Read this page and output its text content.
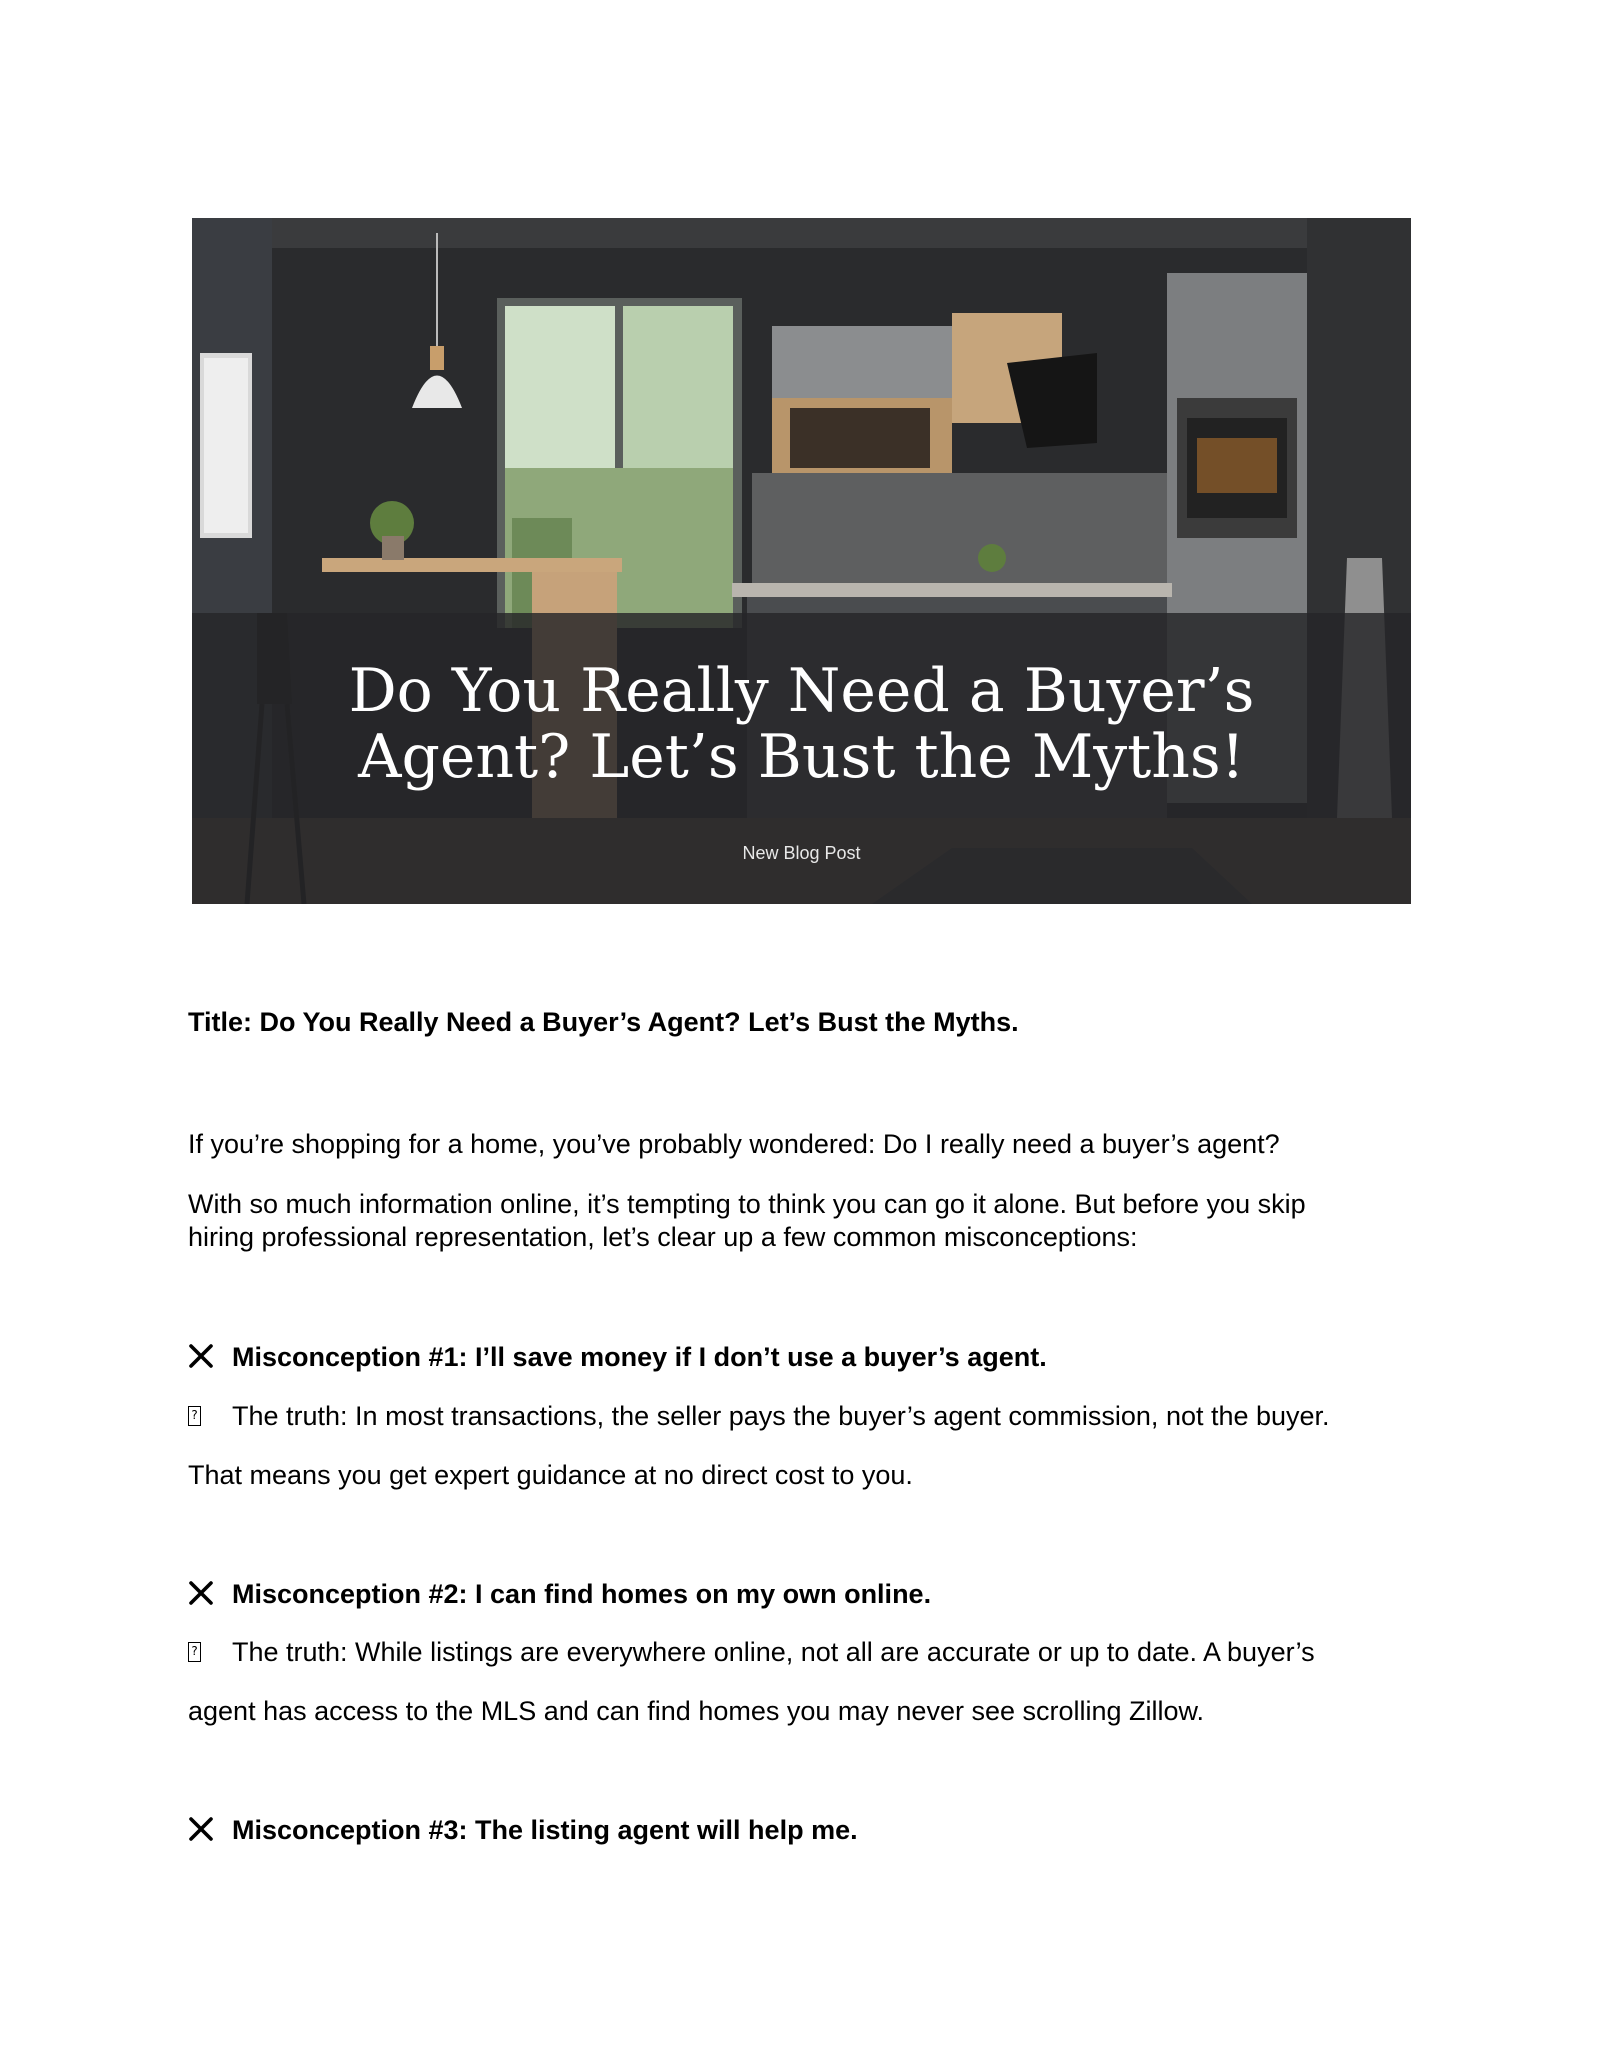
Do You Really Need a Buyer’s
Agent? Let’s Bust the Myths!
New Blog Post
Title: Do You Really Need a Buyer’s Agent? Let’s Bust the Myths.
If you’re shopping for a home, you’ve probably wondered: Do I really need a buyer’s agent?
With so much information online, it’s tempting to think you can go it alone. But before you skip
hiring professional representation, let’s clear up a few common misconceptions:
Misconception #1: I’ll save money if I don’t use a buyer’s agent.
? The truth: In most transactions, the seller pays the buyer’s agent commission, not the buyer.
That means you get expert guidance at no direct cost to you.
Misconception #2: I can find homes on my own online.
? The truth: While listings are everywhere online, not all are accurate or up to date. A buyer’s
agent has access to the MLS and can find homes you may never see scrolling Zillow.
Misconception #3: The listing agent will help me.
